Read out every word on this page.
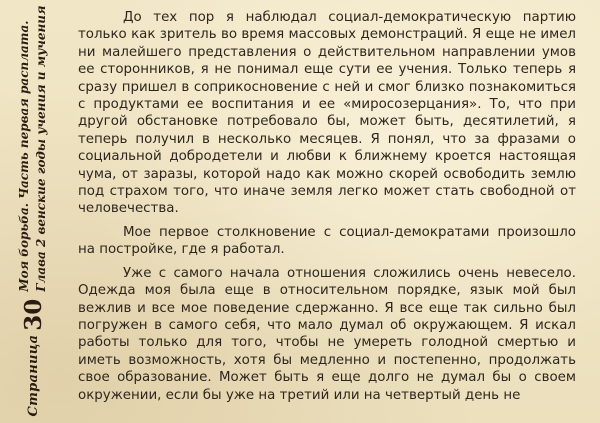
Страница
30
Моя борьба. Часть первая расплата. Глава 2 венские годы учения и мучения	До тех пор я наблюдал социал-демократическую партию только как зритель во время массовых демонстраций. Я еще не имел ни малейшего представления о действительном направлении умов ее сторонников, я не понимал еще сути ее учения. Только теперь я сразу пришел в соприкосновение с ней и смог близко познакомиться с продуктами ее воспитания и ее «миросозерцания». То, что при другой обстановке потребовало бы, может быть, десятилетий, я теперь получил в несколько месяцев. Я понял, что за фразами о социальной добродетели и любви к ближнему кроется настоящая чума, от заразы, которой надо как можно скорей освободить землю под страхом того, что иначе земля легко может стать свободной от человечества.

Мое первое столкновение с социал-демократами произошло на постройке, где я работал.

Уже с самого начала отношения сложились очень невесело. Одежда моя была еще в относительном порядке, язык мой был вежлив и все мое поведение сдержанно. Я все еще так сильно был погружен в самого себя, что мало думал об окружающем. Я искал работы только для того, чтобы не умереть голодной смертью и иметь возможность, хотя бы медленно и постепенно, продолжать свое образование. Может быть я еще долго не думал бы о своем окружении, если бы уже на третий или на четвертый день не
